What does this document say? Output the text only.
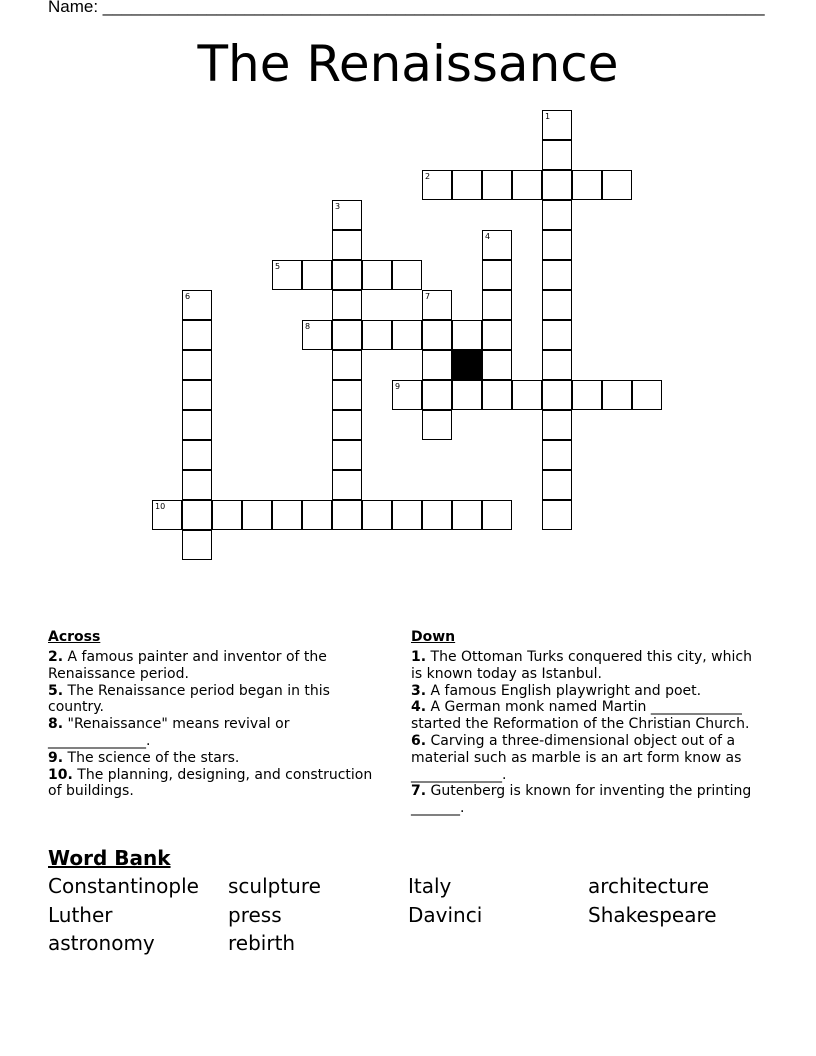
Name: ______________________________________________________________________
The Renaissance
2
5
8
9
10
1
3
4
6	7
Across
2. A famous painter and inventor of the Renaissance period.
5. The Renaissance period began in this country.
8. "Renaissance" means revival or ______________.
9. The science of the stars.
10. The planning, designing, and construction of buildings.
Down
1. The Ottoman Turks conquered this city, which is known today as Istanbul.
3. A famous English playwright and poet.
4. A German monk named Martin _____________ started the Reformation of the Christian Church.
6. Carving a three-dimensional object out of a material such as marble is an art form know as _____________.
7. Gutenberg is known for inventing the printing _______.
Word Bank
Constantinople sculpture	Italy	architecture
Luther	press	Davinci	Shakespeare
astronomy	rebirth
